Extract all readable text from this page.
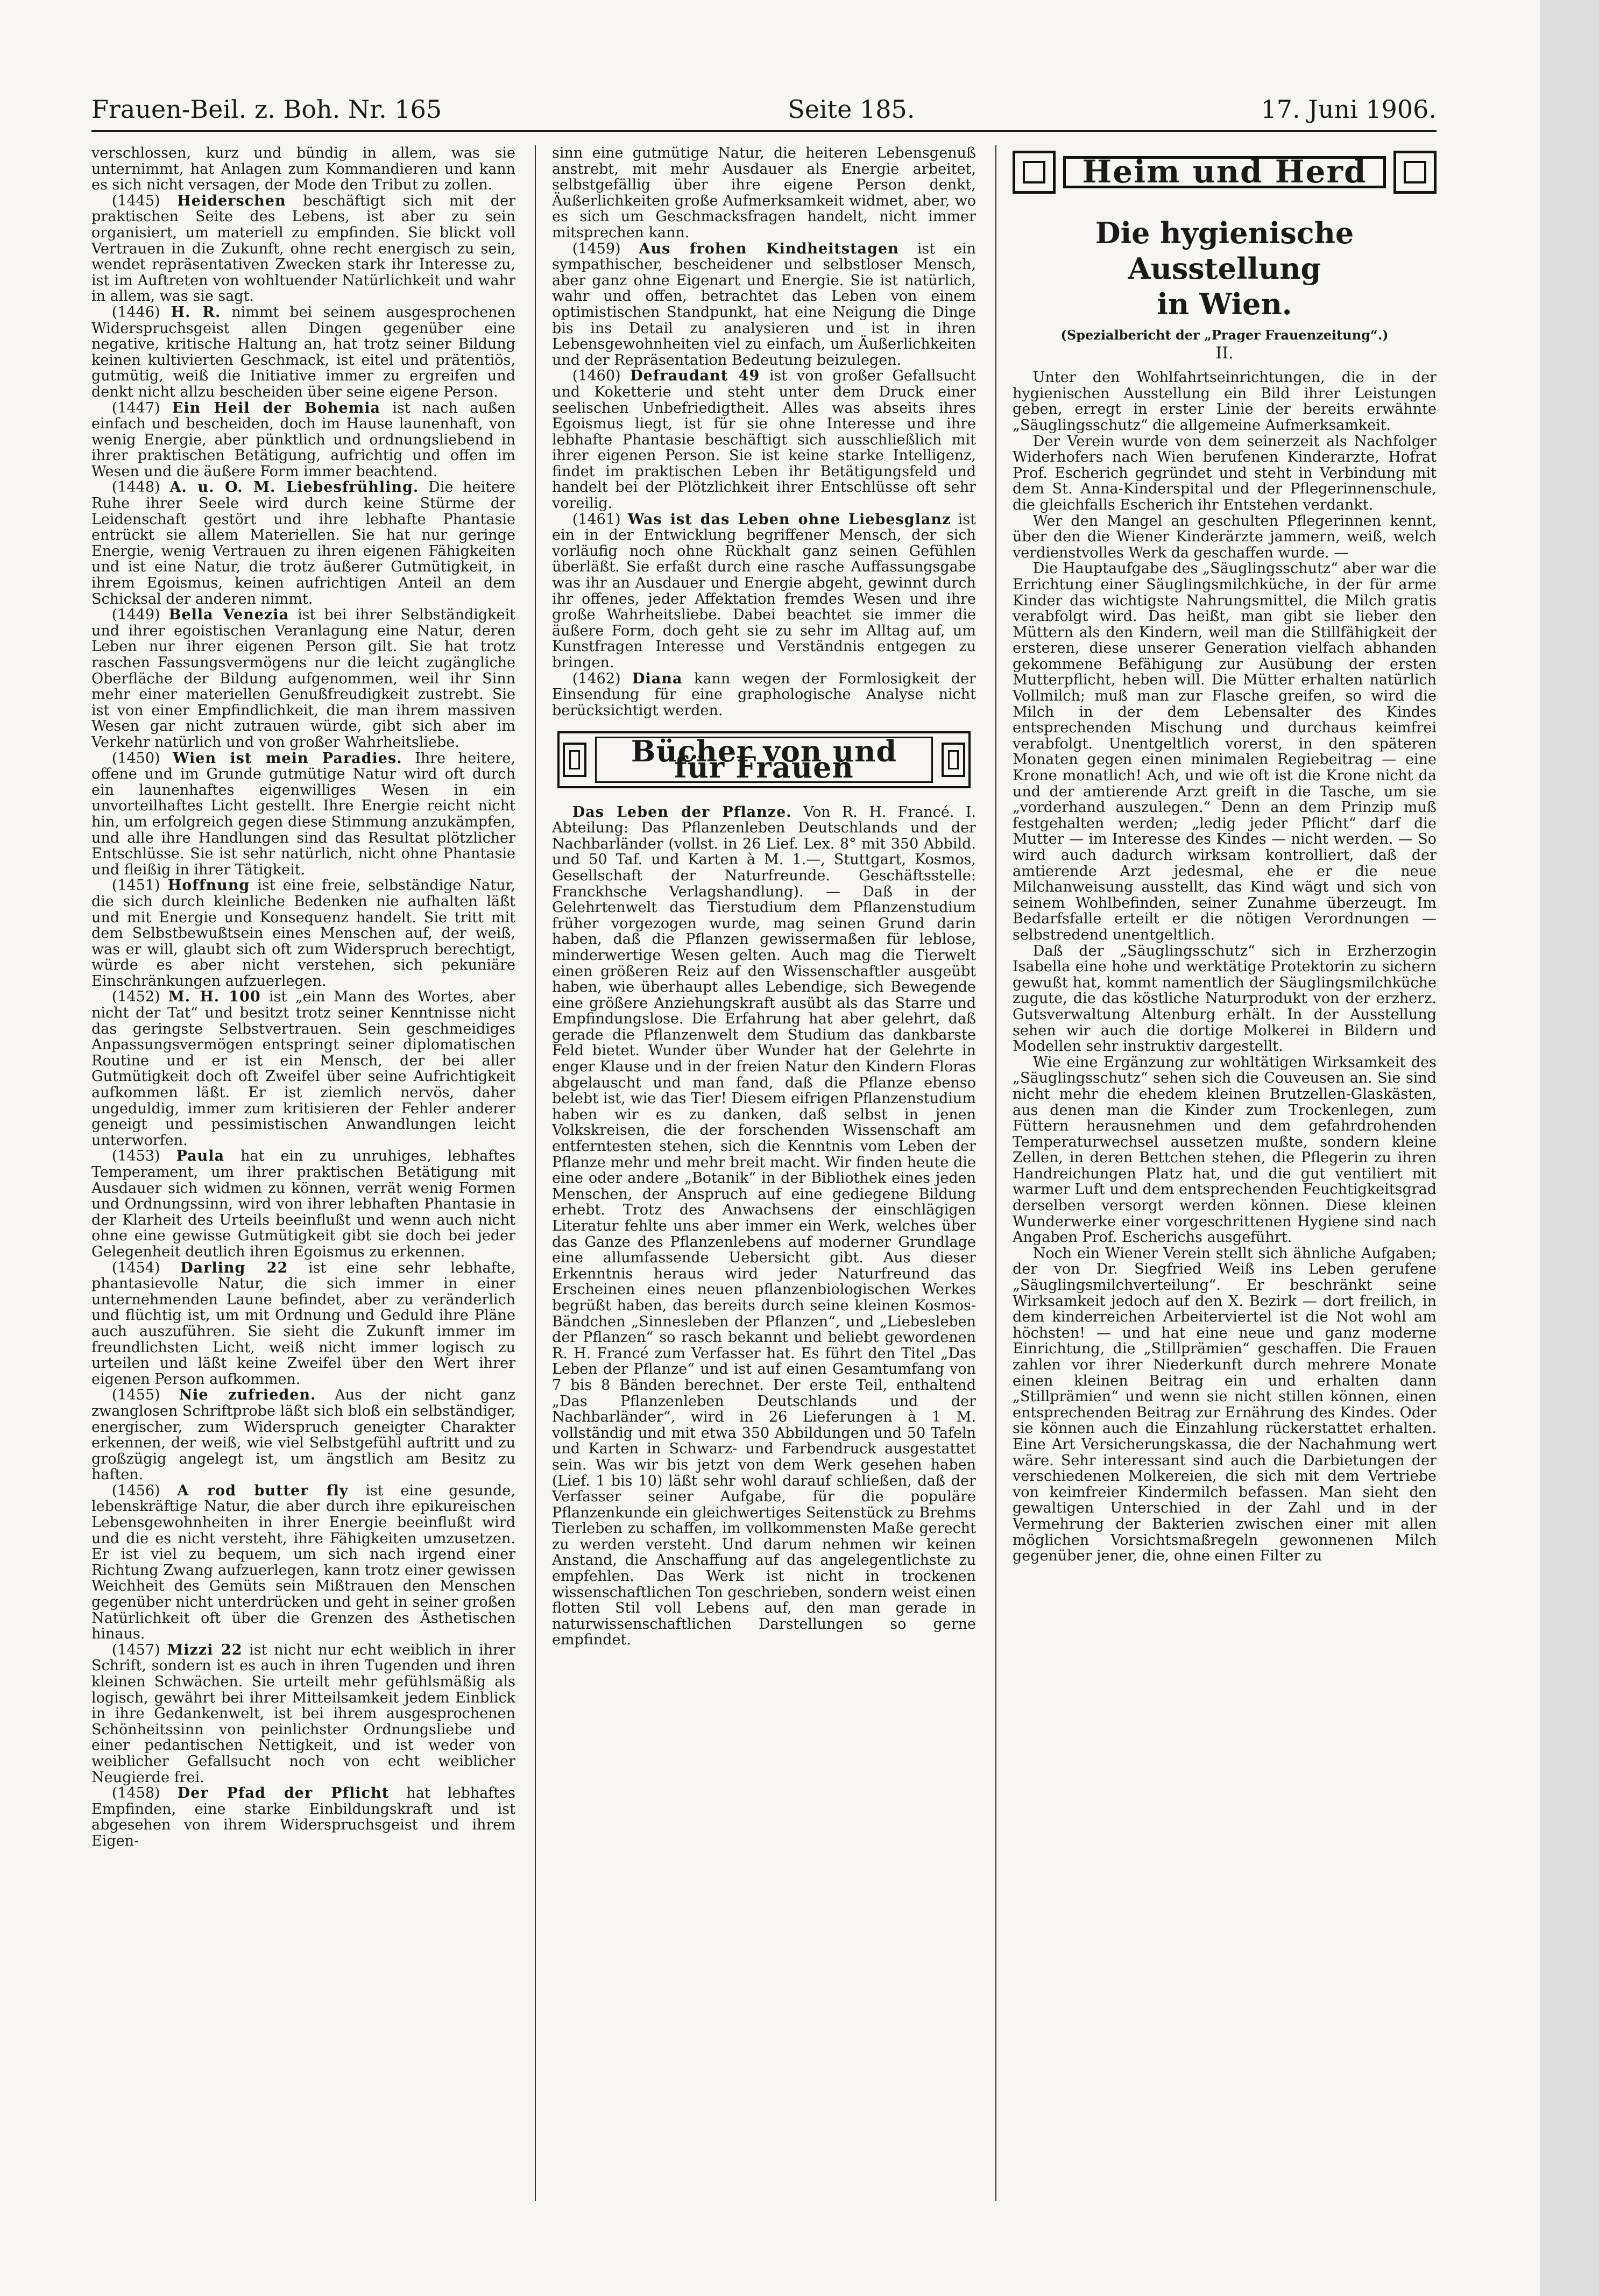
Frauen-Beil. z. Boh. Nr. 165	Seite 185.	17. Juni 1906.

verschlossen, kurz und bündig in allem, was sie unternimmt, hat Anlagen zum Kommandieren und kann es sich nicht versagen, der Mode den Tribut zu zollen.

(1445) Heiderschen beschäftigt sich mit der praktischen Seite des Lebens, ist aber zu sein organisiert, um materiell zu empfinden. Sie blickt voll Vertrauen in die Zukunft, ohne recht energisch zu sein, wendet repräsentativen Zwecken stark ihr Interesse zu, ist im Auftreten von wohltuender Natürlichkeit und wahr in allem, was sie sagt.

(1446) H. R. nimmt bei seinem ausgesprochenen Widerspruchsgeist allen Dingen gegenüber eine negative, kritische Haltung an, hat trotz seiner Bildung keinen kultivierten Geschmack, ist eitel und prätentiös, gutmütig, weiß die Initiative immer zu ergreifen und denkt nicht allzu bescheiden über seine eigene Person.

(1447) Ein Heil der Bohemia ist nach außen einfach und bescheiden, doch im Hause launenhaft, von wenig Energie, aber pünktlich und ordnungsliebend in ihrer praktischen Betätigung, aufrichtig und offen im Wesen und die äußere Form immer beachtend.

(1448) A. u. O. M. Liebesfrühling. Die heitere Ruhe ihrer Seele wird durch keine Stürme der Leidenschaft gestört und ihre lebhafte Phantasie entrückt sie allem Materiellen. Sie hat nur geringe Energie, wenig Vertrauen zu ihren eigenen Fähigkeiten und ist eine Natur, die trotz äußerer Gutmütigkeit, in ihrem Egoismus, keinen aufrichtigen Anteil an dem Schicksal der anderen nimmt.

(1449) Bella Venezia ist bei ihrer Selbständigkeit und ihrer egoistischen Veranlagung eine Natur, deren Leben nur ihrer eigenen Person gilt. Sie hat trotz raschen Fassungsvermögens nur die leicht zugängliche Oberfläche der Bildung aufgenommen, weil ihr Sinn mehr einer materiellen Genußfreudigkeit zustrebt. Sie ist von einer Empfindlichkeit, die man ihrem massiven Wesen gar nicht zutrauen würde, gibt sich aber im Verkehr natürlich und von großer Wahrheitsliebe.

(1450) Wien ist mein Paradies. Ihre heitere, offene und im Grunde gutmütige Natur wird oft durch ein launenhaftes eigenwilliges Wesen in ein unvorteilhaftes Licht gestellt. Ihre Energie reicht nicht hin, um erfolgreich gegen diese Stimmung anzukämpfen, und alle ihre Handlungen sind das Resultat plötzlicher Entschlüsse. Sie ist sehr natürlich, nicht ohne Phantasie und fleißig in ihrer Tätigkeit.

(1451) Hoffnung ist eine freie, selbständige Natur, die sich durch kleinliche Bedenken nie aufhalten läßt und mit Energie und Konsequenz handelt. Sie tritt mit dem Selbstbewußtsein eines Menschen auf, der weiß, was er will, glaubt sich oft zum Widerspruch berechtigt, würde es aber nicht verstehen, sich pekuniäre Einschränkungen aufzuerlegen.

(1452) M. H. 100 ist „ein Mann des Wortes, aber nicht der Tat“ und besitzt trotz seiner Kenntnisse nicht das geringste Selbstvertrauen. Sein geschmeidiges Anpassungsvermögen entspringt seiner diplomatischen Routine und er ist ein Mensch, der bei aller Gutmütigkeit doch oft Zweifel über seine Aufrichtigkeit aufkommen läßt. Er ist ziemlich nervös, daher ungeduldig, immer zum kritisieren der Fehler anderer geneigt und pessimistischen Anwandlungen leicht unterworfen.

(1453) Paula hat ein zu unruhiges, lebhaftes Temperament, um ihrer praktischen Betätigung mit Ausdauer sich widmen zu können, verrät wenig Formen und Ordnungssinn, wird von ihrer lebhaften Phantasie in der Klarheit des Urteils beeinflußt und wenn auch nicht ohne eine gewisse Gutmütigkeit gibt sie doch bei jeder Gelegenheit deutlich ihren Egoismus zu erkennen.

(1454) Darling 22 ist eine sehr lebhafte, phantasievolle Natur, die sich immer in einer unternehmenden Laune befindet, aber zu veränderlich und flüchtig ist, um mit Ordnung und Geduld ihre Pläne auch auszuführen. Sie sieht die Zukunft immer im freundlichsten Licht, weiß nicht immer logisch zu urteilen und läßt keine Zweifel über den Wert ihrer eigenen Person aufkommen.

(1455) Nie zufrieden. Aus der nicht ganz zwanglosen Schriftprobe läßt sich bloß ein selbständiger, energischer, zum Widerspruch geneigter Charakter erkennen, der weiß, wie viel Selbstgefühl auftritt und zu großzügig angelegt ist, um ängstlich am Besitz zu haften.

(1456) A rod butter fly ist eine gesunde, lebenskräftige Natur, die aber durch ihre epikureischen Lebensgewohnheiten in ihrer Energie beeinflußt wird und die es nicht versteht, ihre Fähigkeiten umzusetzen. Er ist viel zu bequem, um sich nach irgend einer Richtung Zwang aufzuerlegen, kann trotz einer gewissen Weichheit des Gemüts sein Mißtrauen den Menschen gegenüber nicht unterdrücken und geht in seiner großen Natürlichkeit oft über die Grenzen des Ästhetischen hinaus.

(1457) Mizzi 22 ist nicht nur echt weiblich in ihrer Schrift, sondern ist es auch in ihren Tugenden und ihren kleinen Schwächen. Sie urteilt mehr gefühlsmäßig als logisch, gewährt bei ihrer Mitteilsamkeit jedem Einblick in ihre Gedankenwelt, ist bei ihrem ausgesprochenen Schönheitssinn von peinlichster Ordnungsliebe und einer pedantischen Nettigkeit, und ist weder von weiblicher Gefallsucht noch von echt weiblicher Neugierde frei.

(1458) Der Pfad der Pflicht hat lebhaftes Empfinden, eine starke Einbildungskraft und ist abgesehen von ihrem Widerspruchsgeist und ihrem Eigen-

sinn eine gutmütige Natur, die heiteren Lebensgenuß anstrebt, mit mehr Ausdauer als Energie arbeitet, selbstgefällig über ihre eigene Person denkt, Äußerlichkeiten große Aufmerksamkeit widmet, aber, wo es sich um Geschmacksfragen handelt, nicht immer mitsprechen kann.

(1459) Aus frohen Kindheitstagen ist ein sympathischer, bescheidener und selbstloser Mensch, aber ganz ohne Eigenart und Energie. Sie ist natürlich, wahr und offen, betrachtet das Leben von einem optimistischen Standpunkt, hat eine Neigung die Dinge bis ins Detail zu analysieren und ist in ihren Lebensgewohnheiten viel zu einfach, um Äußerlichkeiten und der Repräsentation Bedeutung beizulegen.

(1460) Defraudant 49 ist von großer Gefallsucht und Koketterie und steht unter dem Druck einer seelischen Unbefriedigtheit. Alles was abseits ihres Egoismus liegt, ist für sie ohne Interesse und ihre lebhafte Phantasie beschäftigt sich ausschließlich mit ihrer eigenen Person. Sie ist keine starke Intelligenz, findet im praktischen Leben ihr Betätigungsfeld und handelt bei der Plötzlichkeit ihrer Entschlüsse oft sehr voreilig.

(1461) Was ist das Leben ohne Liebesglanz ist ein in der Entwicklung begriffener Mensch, der sich vorläufig noch ohne Rückhalt ganz seinen Gefühlen überläßt. Sie erfaßt durch eine rasche Auffassungsgabe was ihr an Ausdauer und Energie abgeht, gewinnt durch ihr offenes, jeder Affektation fremdes Wesen und ihre große Wahrheitsliebe. Dabei beachtet sie immer die äußere Form, doch geht sie zu sehr im Alltag auf, um Kunstfragen Interesse und Verständnis entgegen zu bringen.

(1462) Diana kann wegen der Formlosigkeit der Einsendung für eine graphologische Analyse nicht berücksichtigt werden.

Bücher von und für Frauen

Das Leben der Pflanze. Von R. H. Francé. I. Abteilung: Das Pflanzenleben Deutschlands und der Nachbarländer (vollst. in 26 Lief. Lex. 8° mit 350 Abbild. und 50 Taf. und Karten à M. 1.—, Stuttgart, Kosmos, Gesellschaft der Naturfreunde. Geschäftsstelle: Franckhsche Verlagshandlung). — Daß in der Gelehrtenwelt das Tierstudium dem Pflanzenstudium früher vorgezogen wurde, mag seinen Grund darin haben, daß die Pflanzen gewissermaßen für leblose, minderwertige Wesen gelten. Auch mag die Tierwelt einen größeren Reiz auf den Wissenschaftler ausgeübt haben, wie überhaupt alles Lebendige, sich Bewegende eine größere Anziehungskraft ausübt als das Starre und Empfindungslose. Die Erfahrung hat aber gelehrt, daß gerade die Pflanzenwelt dem Studium das dankbarste Feld bietet. Wunder über Wunder hat der Gelehrte in enger Klause und in der freien Natur den Kindern Floras abgelauscht und man fand, daß die Pflanze ebenso belebt ist, wie das Tier! Diesem eifrigen Pflanzenstudium haben wir es zu danken, daß selbst in jenen Volkskreisen, die der forschenden Wissenschaft am entferntesten stehen, sich die Kenntnis vom Leben der Pflanze mehr und mehr breit macht. Wir finden heute die eine oder andere „Botanik“ in der Bibliothek eines jeden Menschen, der Anspruch auf eine gediegene Bildung erhebt. Trotz des Anwachsens der einschlägigen Literatur fehlte uns aber immer ein Werk, welches über das Ganze des Pflanzenlebens auf moderner Grundlage eine allumfassende Uebersicht gibt. Aus dieser Erkenntnis heraus wird jeder Naturfreund das Erscheinen eines neuen pflanzenbiologischen Werkes begrüßt haben, das bereits durch seine kleinen Kosmos-Bändchen „Sinnesleben der Pflanzen“, und „Liebesleben der Pflanzen“ so rasch bekannt und beliebt gewordenen R. H. Francé zum Verfasser hat. Es führt den Titel „Das Leben der Pflanze“ und ist auf einen Gesamtumfang von 7 bis 8 Bänden berechnet. Der erste Teil, enthaltend „Das Pflanzenleben Deutschlands und der Nachbarländer“, wird in 26 Lieferungen à 1 M. vollständig und mit etwa 350 Abbildungen und 50 Tafeln und Karten in Schwarz- und Farbendruck ausgestattet sein. Was wir bis jetzt von dem Werk gesehen haben (Lief. 1 bis 10) läßt sehr wohl darauf schließen, daß der Verfasser seiner Aufgabe, für die populäre Pflanzenkunde ein gleichwertiges Seitenstück zu Brehms Tierleben zu schaffen, im vollkommensten Maße gerecht zu werden versteht. Und darum nehmen wir keinen Anstand, die Anschaffung auf das angelegentlichste zu empfehlen. Das Werk ist nicht in trockenen wissenschaftlichen Ton geschrieben, sondern weist einen flotten Stil voll Lebens auf, den man gerade in naturwissenschaftlichen Darstellungen so gerne empfindet.

Heim und Herd
Die hygienische Ausstellung
in Wien.
(Spezialbericht der „Prager Frauenzeitung“.)
II.

Unter den Wohlfahrtseinrichtungen, die in der hygienischen Ausstellung ein Bild ihrer Leistungen geben, erregt in erster Linie der bereits erwähnte „Säuglingsschutz“ die allgemeine Aufmerksamkeit.

Der Verein wurde von dem seinerzeit als Nachfolger Widerhofers nach Wien berufenen Kinderarzte, Hofrat Prof. Escherich gegründet und steht in Verbindung mit dem St. Anna-Kinderspital und der Pflegerinnenschule, die gleichfalls Escherich ihr Entstehen verdankt.

Wer den Mangel an geschulten Pflegerinnen kennt, über den die Wiener Kinderärzte jammern, weiß, welch verdienstvolles Werk da geschaffen wurde. —

Die Hauptaufgabe des „Säuglingsschutz“ aber war die Errichtung einer Säuglingsmilchküche, in der für arme Kinder das wichtigste Nahrungsmittel, die Milch gratis verabfolgt wird. Das heißt, man gibt sie lieber den Müttern als den Kindern, weil man die Stillfähigkeit der ersteren, diese unserer Generation vielfach abhanden gekommene Befähigung zur Ausübung der ersten Mutterpflicht, heben will. Die Mütter erhalten natürlich Vollmilch; muß man zur Flasche greifen, so wird die Milch in der dem Lebensalter des Kindes entsprechenden Mischung und durchaus keimfrei verabfolgt. Unentgeltlich vorerst, in den späteren Monaten gegen einen minimalen Regiebeitrag — eine Krone monatlich! Ach, und wie oft ist die Krone nicht da und der amtierende Arzt greift in die Tasche, um sie „vorderhand auszulegen.“ Denn an dem Prinzip muß festgehalten werden; „ledig jeder Pflicht“ darf die Mutter — im Interesse des Kindes — nicht werden. — So wird auch dadurch wirksam kontrolliert, daß der amtierende Arzt jedesmal, ehe er die neue Milchanweisung ausstellt, das Kind wägt und sich von seinem Wohlbefinden, seiner Zunahme überzeugt. Im Bedarfsfalle erteilt er die nötigen Verordnungen — selbstredend unentgeltlich.

Daß der „Säuglingsschutz“ sich in Erzherzogin Isabella eine hohe und werktätige Protektorin zu sichern gewußt hat, kommt namentlich der Säuglingsmilchküche zugute, die das köstliche Naturprodukt von der erzherz. Gutsverwaltung Altenburg erhält. In der Ausstellung sehen wir auch die dortige Molkerei in Bildern und Modellen sehr instruktiv dargestellt.

Wie eine Ergänzung zur wohltätigen Wirksamkeit des „Säuglingsschutz“ sehen sich die Couveusen an. Sie sind nicht mehr die ehedem kleinen Brutzellen-Glaskästen, aus denen man die Kinder zum Trockenlegen, zum Füttern herausnehmen und dem gefahrdrohenden Temperaturwechsel aussetzen mußte, sondern kleine Zellen, in deren Bettchen stehen, die Pflegerin zu ihren Handreichungen Platz hat, und die gut ventiliert mit warmer Luft und dem entsprechenden Feuchtigkeitsgrad derselben versorgt werden können. Diese kleinen Wunderwerke einer vorgeschrittenen Hygiene sind nach Angaben Prof. Escherichs ausgeführt.

Noch ein Wiener Verein stellt sich ähnliche Aufgaben; der von Dr. Siegfried Weiß ins Leben gerufene „Säuglingsmilchverteilung“. Er beschränkt seine Wirksamkeit jedoch auf den X. Bezirk — dort freilich, in dem kinderreichen Arbeiterviertel ist die Not wohl am höchsten! — und hat eine neue und ganz moderne Einrichtung, die „Stillprämien“ geschaffen. Die Frauen zahlen vor ihrer Niederkunft durch mehrere Monate einen kleinen Beitrag ein und erhalten dann „Stillprämien“ und wenn sie nicht stillen können, einen entsprechenden Beitrag zur Ernährung des Kindes. Oder sie können auch die Einzahlung rückerstattet erhalten. Eine Art Versicherungskassa, die der Nachahmung wert wäre. Sehr interessant sind auch die Darbietungen der verschiedenen Molkereien, die sich mit dem Vertriebe von keimfreier Kindermilch befassen. Man sieht den gewaltigen Unterschied in der Zahl und in der Vermehrung der Bakterien zwischen einer mit allen möglichen Vorsichtsmaßregeln gewonnenen Milch gegenüber jener, die, ohne einen Filter zu
